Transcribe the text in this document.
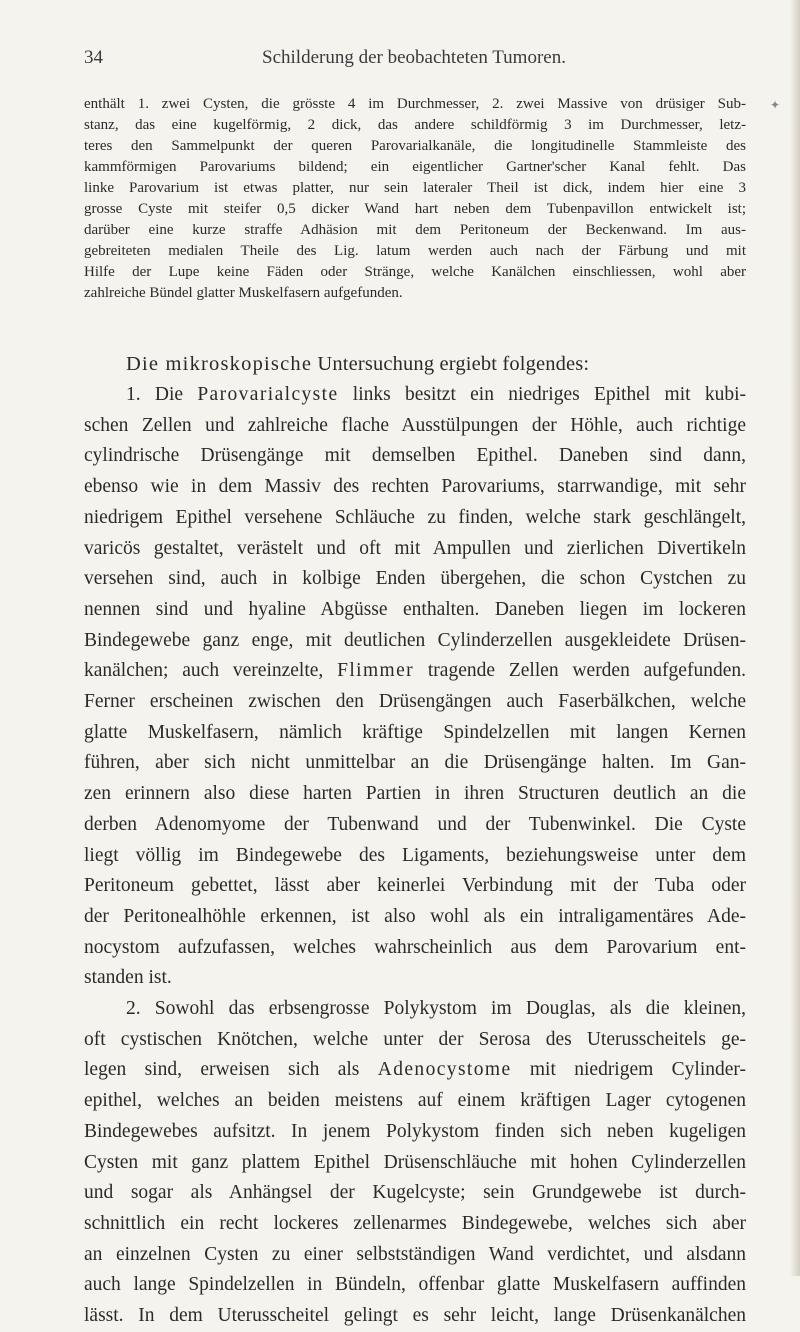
34	Schilderung der beobachteten Tumoren.
enthält 1. zwei Cysten, die grösste 4 im Durchmesser, 2. zwei Massive von drüsiger Sub-
stanz, das eine kugelförmig, 2 dick, das andere schildförmig 3 im Durchmesser, letz-
teres den Sammelpunkt der queren Parovarialkanäle, die longitudinelle Stammleiste des
kammförmigen Parovariums bildend; ein eigentlicher Gartner'scher Kanal fehlt. Das
linke Parovarium ist etwas platter, nur sein lateraler Theil ist dick, indem hier eine 3
grosse Cyste mit steifer 0,5 dicker Wand hart neben dem Tubenpavillon entwickelt ist;
darüber eine kurze straffe Adhäsion mit dem Peritoneum der Beckenwand. Im aus-
gebreiteten medialen Theile des Lig. latum werden auch nach der Färbung und mit
Hilfe der Lupe keine Fäden oder Stränge, welche Kanälchen einschliessen, wohl aber
zahlreiche Bündel glatter Muskelfasern aufgefunden.
Die mikroskopische Untersuchung ergiebt folgendes:
1. Die Parovarialcyste links besitzt ein niedriges Epithel mit kubi-
schen Zellen und zahlreiche flache Ausstülpungen der Höhle, auch richtige
cylindrische Drüsengänge mit demselben Epithel. Daneben sind dann,
ebenso wie in dem Massiv des rechten Parovariums, starrwandige, mit sehr
niedrigem Epithel versehene Schläuche zu finden, welche stark geschlängelt,
varicös gestaltet, verästelt und oft mit Ampullen und zierlichen Divertikeln
versehen sind, auch in kolbige Enden übergehen, die schon Cystchen zu
nennen sind und hyaline Abgüsse enthalten. Daneben liegen im lockeren
Bindegewebe ganz enge, mit deutlichen Cylinderzellen ausgekleidete Drüsen-
kanälchen; auch vereinzelte, Flimmer tragende Zellen werden aufgefunden.
Ferner erscheinen zwischen den Drüsengängen auch Faserbälkchen, welche
glatte Muskelfasern, nämlich kräftige Spindelzellen mit langen Kernen
führen, aber sich nicht unmittelbar an die Drüsengänge halten. Im Gan-
zen erinnern also diese harten Partien in ihren Structuren deutlich an die
derben Adenomyome der Tubenwand und der Tubenwinkel. Die Cyste
liegt völlig im Bindegewebe des Ligaments, beziehungsweise unter dem
Peritoneum gebettet, lässt aber keinerlei Verbindung mit der Tuba oder
der Peritonealhöhle erkennen, ist also wohl als ein intraligamentäres Ade-
nocystom aufzufassen, welches wahrscheinlich aus dem Parovarium ent-
standen ist.
2. Sowohl das erbsengrosse Polykystom im Douglas, als die kleinen,
oft cystischen Knötchen, welche unter der Serosa des Uterusscheitels ge-
legen sind, erweisen sich als Adenocystome mit niedrigem Cylinder-
epithel, welches an beiden meistens auf einem kräftigen Lager cytogenen
Bindegewebes aufsitzt. In jenem Polykystom finden sich neben kugeligen
Cysten mit ganz plattem Epithel Drüsenschläuche mit hohen Cylinderzellen
und sogar als Anhängsel der Kugelcyste; sein Grundgewebe ist durch-
schnittlich ein recht lockeres zellenarmes Bindegewebe, welches sich aber
an einzelnen Cysten zu einer selbstständigen Wand verdichtet, und alsdann
auch lange Spindelzellen in Bündeln, offenbar glatte Muskelfasern auffinden
lässt. In dem Uterusscheitel gelingt es sehr leicht, lange Drüsenkanälchen
✦
